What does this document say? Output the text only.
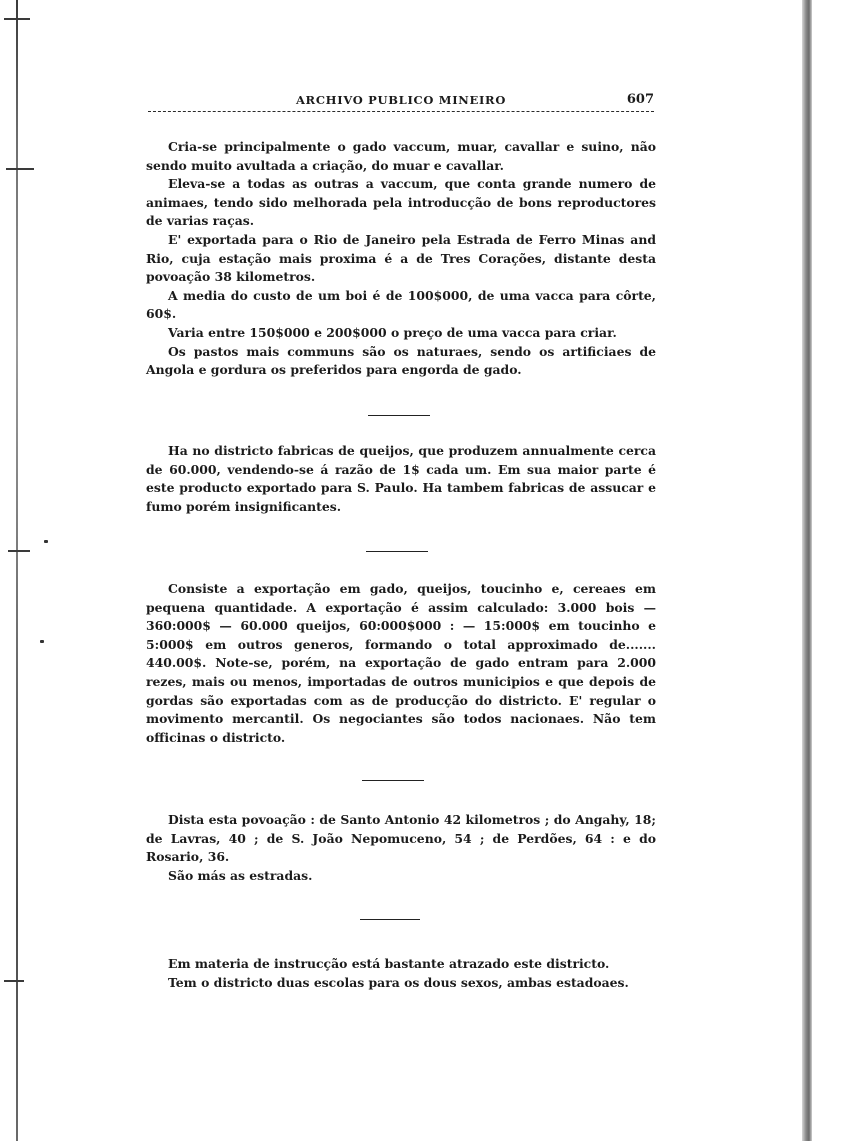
ARCHIVO PUBLICO MINEIRO	607

Cria-se principalmente o gado vaccum, muar, cavallar e suino, não sendo muito avultada a criação, do muar e cavallar.

Eleva-se a todas as outras a vaccum, que conta grande numero de animaes, tendo sido melhorada pela introducção de bons reproductores de varias raças.

E' exportada para o Rio de Janeiro pela Estrada de Ferro Minas and Rio, cuja estação mais proxima é a de Tres Corações, distante desta povoação 38 kilometros.

A media do custo de um boi é de 100$000, de uma vacca para côrte, 60$.

Varia entre 150$000 e 200$000 o preço de uma vacca para criar.

Os pastos mais communs são os naturaes, sendo os artificiaes de Angola e gordura os preferidos para engorda de gado.

Ha no districto fabricas de queijos, que produzem annualmente cerca de 60.000, vendendo-se á razão de 1$ cada um. Em sua maior parte é este producto exportado para S. Paulo. Ha tambem fabricas de assucar e fumo porém insignificantes.

Consiste a exportação em gado, queijos, toucinho e, cereaes em pequena quantidade. A exportação é assim calculado: 3.000 bois — 360:000$ — 60.000 queijos, 60:000$000 : — 15:000$ em toucinho e 5:000$ em outros generos, formando o total approximado de....... 440.00$. Note-se, porém, na exportação de gado entram para 2.000 rezes, mais ou menos, importadas de outros municipios e que depois de gordas são exportadas com as de producção do districto. E' regular o movimento mercantil. Os negociantes são todos nacionaes. Não tem officinas o districto.

Dista esta povoação : de Santo Antonio 42 kilometros ; do Angahy, 18; de Lavras, 40 ; de S. João Nepomuceno, 54 ; de Perdões, 64 : e do Rosario, 36.

São más as estradas.

Em materia de instrucção está bastante atrazado este districto.

Tem o districto duas escolas para os dous sexos, ambas estadoaes.
